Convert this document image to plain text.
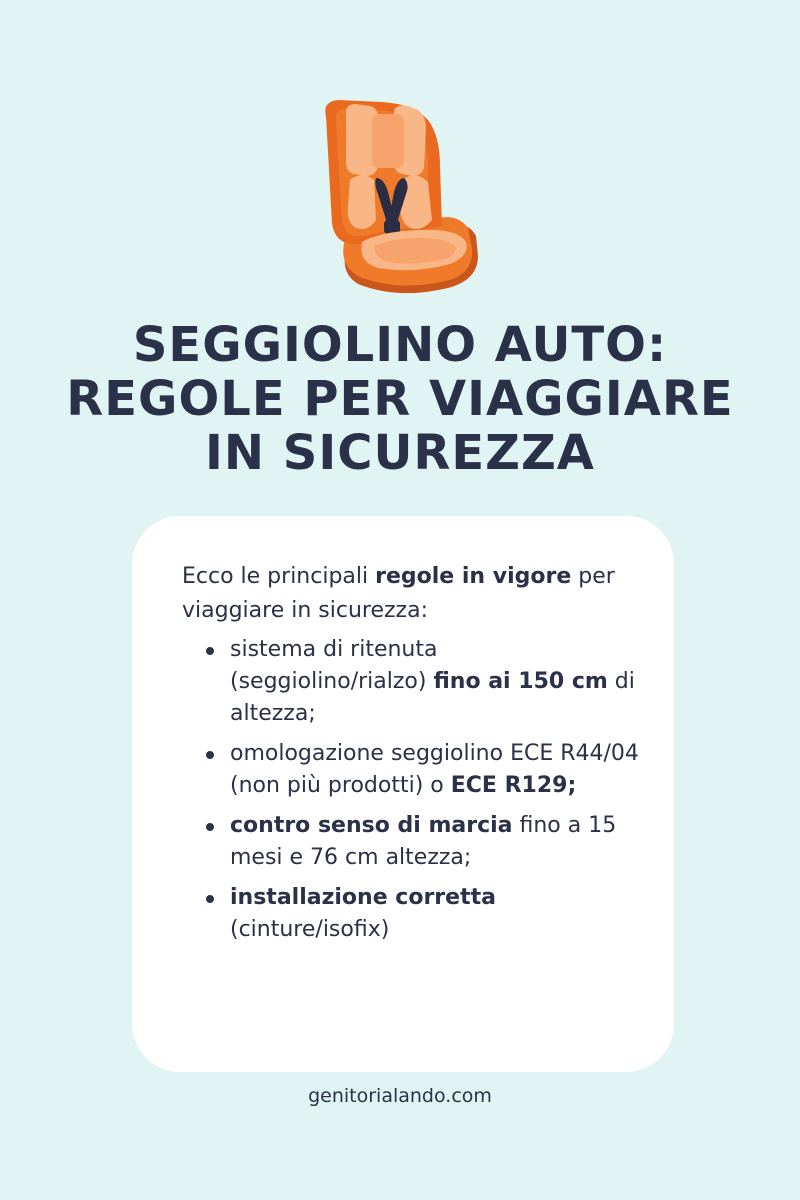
SEGGIOLINO AUTO:
REGOLE PER VIAGGIARE
IN SICUREZZA

Ecco le principali regole in vigore per viaggiare in sicurezza:

sistema di ritenuta (seggiolino/rialzo) fino ai 150 cm di altezza;
omologazione seggiolino ECE R44/04 (non più prodotti) o ECE R129;
contro senso di marcia fino a 15 mesi e 76 cm altezza;
installazione corretta (cinture/isofix)
genitorialando.com
